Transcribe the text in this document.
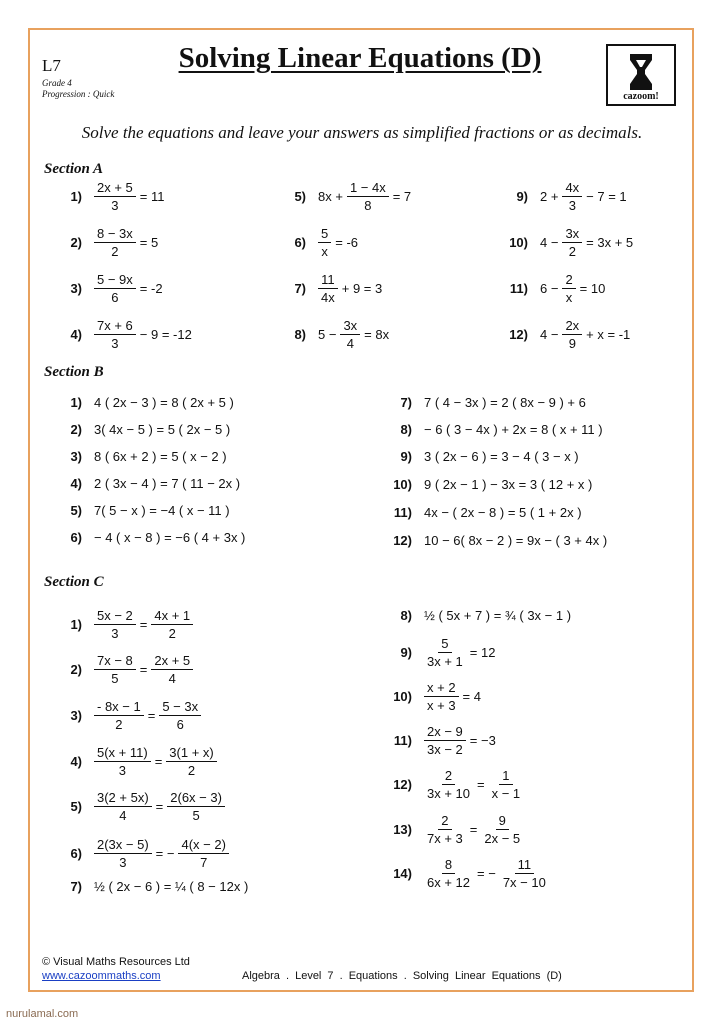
L7
Grade 4
Progression : Quick
Solving Linear Equations (D)
cazoom!
Solve the equations and leave your answers as simplified fractions or as decimals.
Section A
$1) \frac{2x + 5}{3} = 11$
$2) \frac{8 - 3x}{2} = 5$
$3) \frac{5 - 9x}{6} = -2$
$4) \frac{7x + 6}{3} - 9 = -12$
5) $8x + \frac{1 - 4x}{8} = 7$
$6) \frac{5}{x} = -6$
$7) \frac{11}{4x} + 9 = 3$
8) $5 - \frac{3x}{4} = 8x$
9) $2 + \frac{4x}{3} - 7 = 1$
10) $4 - \frac{3x}{2} = 3x + 5$
11) $6 - \frac{2}{x} = 10$
12) $4 - \frac{2x}{9} + x = -1$
Section B
1) 4 ( 2x − 3 ) = 8 ( 2x + 5 )
2) 3( 4x − 5 ) = 5 ( 2x − 5 )
3) 8 ( 6x + 2 ) = 5 ( x − 2 )
4) 2 ( 3x − 4 ) = 7 ( 11 − 2x )
5) 7( 5 − x ) = −4 ( x − 11 )
6) − 4 ( x − 8 ) = −6 ( 4 + 3x )
7) 7 ( 4 − 3x ) = 2 ( 8x − 9 ) + 6
8) − 6 ( 3 − 4x ) + 2x = 8 ( x + 11 )
9) 3 ( 2x − 6 ) = 3 − 4 ( 3 − x )
10) 9 ( 2x − 1 ) − 3x = 3 ( 12 + x )
11) 4x − ( 2x − 8 ) = 5 ( 1 + 2x )
12) 10 − 6( 8x − 2 ) = 9x − ( 3 + 4x )
Section C
$1) \frac{5x - 2}{3} = \frac{4x + 1}{2}$
$2) \frac{7x - 8}{5} = \frac{2x + 5}{4}$
$3) \frac{- 8x - 1}{2} = \frac{5 - 3x}{6}$
$4) \frac{5(x + 11)}{3} = \frac{3(1 + x)}{2}$
$5) \frac{3(2 + 5x)}{4} = \frac{2(6x - 3)}{5}$
$6) \frac{2(3x - 5)}{3}$ = − $\frac{4(x - 2)}{7}$
7) ½ ( 2x − 6 ) = ¼ ( 8 − 12x )
8) ½ ( 5x + 7 ) = ¾ ( 3x − 1 )
$9) \frac{5}{3x + 1} = 12$
$10) \frac{x + 2}{x + 3} = 4$
$11) \frac{2x - 9}{3x - 2} = -3$
$12) \frac{2}{3x + 10} = \frac{1}{x - 1}$
$13) \frac{2}{7x + 3} = \frac{9}{2x - 5}$
$14) \frac{8}{6x + 12}$ = − $\frac{11}{7x - 10}$
© Visual Maths Resources Ltd
www.cazoommaths.com	Algebra . Level 7 . Equations . Solving Linear Equations (D)
nurulamal.com
